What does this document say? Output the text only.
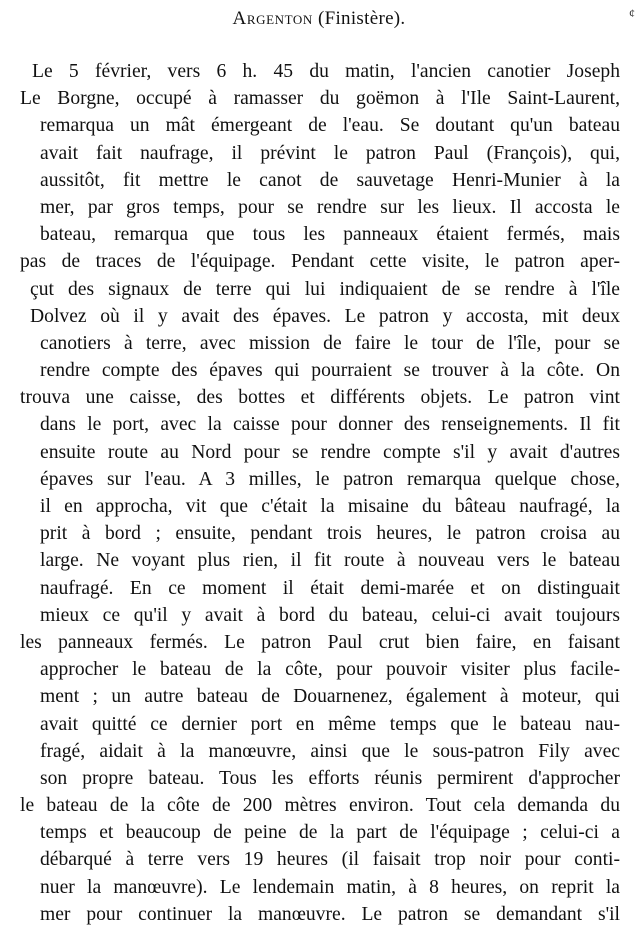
Argenton (Finistère).	¢
Le 5 février, vers 6 h. 45 du matin, l'ancien canotier Joseph
Le Borgne, occupé à ramasser du goëmon à l'Ile Saint-Laurent,
remarqua un mât émergeant de l'eau. Se doutant qu'un bateau
avait fait naufrage, il prévint le patron Paul (François), qui,
aussitôt, fit mettre le canot de sauvetage Henri-Munier à la
mer, par gros temps, pour se rendre sur les lieux. Il accosta le
bateau, remarqua que tous les panneaux étaient fermés, mais
pas de traces de l'équipage. Pendant cette visite, le patron aper-
çut des signaux de terre qui lui indiquaient de se rendre à l'île
Dolvez où il y avait des épaves. Le patron y accosta, mit deux
canotiers à terre, avec mission de faire le tour de l'île, pour se
rendre compte des épaves qui pourraient se trouver à la côte. On
trouva une caisse, des bottes et différents objets. Le patron vint
dans le port, avec la caisse pour donner des renseignements. Il fit
ensuite route au Nord pour se rendre compte s'il y avait d'autres
épaves sur l'eau. A 3 milles, le patron remarqua quelque chose,
il en approcha, vit que c'était la misaine du bâteau naufragé, la
prit à bord ; ensuite, pendant trois heures, le patron croisa au
large. Ne voyant plus rien, il fit route à nouveau vers le bateau
naufragé. En ce moment il était demi-marée et on distinguait
mieux ce qu'il y avait à bord du bateau, celui-ci avait toujours
les panneaux fermés. Le patron Paul crut bien faire, en faisant
approcher le bateau de la côte, pour pouvoir visiter plus facile-
ment ; un autre bateau de Douarnenez, également à moteur, qui
avait quitté ce dernier port en même temps que le bateau nau-
fragé, aidait à la manœuvre, ainsi que le sous-patron Fily avec
son propre bateau. Tous les efforts réunis permirent d'approcher
le bateau de la côte de 200 mètres environ. Tout cela demanda du
temps et beaucoup de peine de la part de l'équipage ; celui-ci a
débarqué à terre vers 19 heures (il faisait trop noir pour conti-
nuer la manœuvre). Le lendemain matin, à 8 heures, on reprit la
mer pour continuer la manœuvre. Le patron se demandant s'il
